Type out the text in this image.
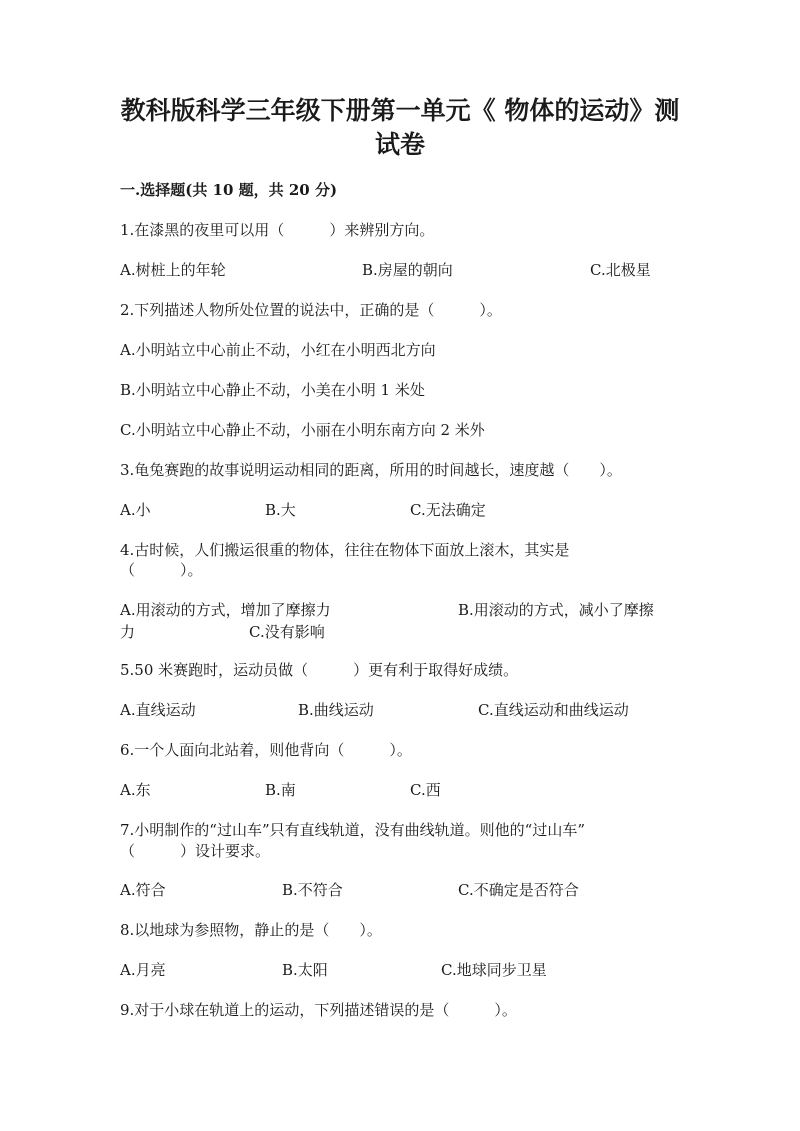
教科版科学三年级下册第一单元《 物体的运动》测
试卷
一.选择题(共 10 题，共 20 分)
1.在漆黑的夜里可以用（　　　）来辨别方向。
A.树桩上的年轮	B.房屋的朝向	C.北极星
2.下列描述人物所处位置的说法中，正确的是（　　　）。
A.小明站立中心前止不动，小红在小明西北方向
B.小明站立中心静止不动，小美在小明 1 米处
C.小明站立中心静止不动，小丽在小明东南方向 2 米外
3.龟兔赛跑的故事说明运动相同的距离，所用的时间越长，速度越（　　）。
A.小	B.大	C.无法确定
4.古时候，人们搬运很重的物体，往往在物体下面放上滚木，其实是
（　　　）。
A.用滚动的方式，增加了摩擦力	B.用滚动的方式，减小了摩擦
力	C.没有影响
5.50 米赛跑时，运动员做（　　　）更有利于取得好成绩。
A.直线运动	B.曲线运动	C.直线运动和曲线运动
6.一个人面向北站着，则他背向（　　　）。
A.东	B.南	C.西
7.小明制作的“过山车”只有直线轨道，没有曲线轨道。则他的“过山车”
（　　　）设计要求。
A.符合	B.不符合	C.不确定是否符合
8.以地球为参照物，静止的是（　　）。
A.月亮	B.太阳	C.地球同步卫星
9.对于小球在轨道上的运动，下列描述错误的是（　　　）。
